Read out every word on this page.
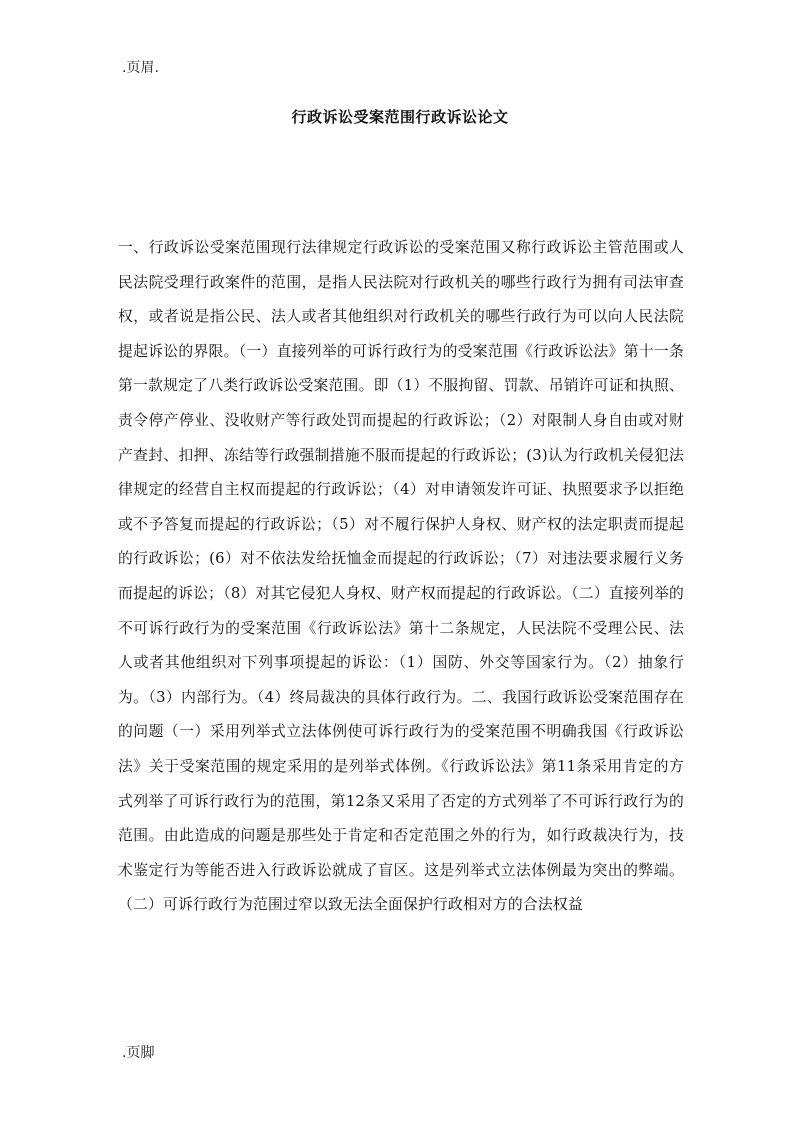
.页眉.
行政诉讼受案范围行政诉讼论文

一、行政诉讼受案范围现行法律规定行政诉讼的受案范围又称行政诉讼主管范围或人民法院受理行政案件的范围，是指人民法院对行政机关的哪些行政行为拥有司法审查权，或者说是指公民、法人或者其他组织对行政机关的哪些行政行为可以向人民法院提起诉讼的界限。（一）直接列举的可诉行政行为的受案范围《行政诉讼法》第十一条第一款规定了八类行政诉讼受案范围。即（1）不服拘留、罚款、吊销许可证和执照、责令停产停业、没收财产等行政处罚而提起的行政诉讼；（2）对限制人身自由或对财产查封、扣押、冻结等行政强制措施不服而提起的行政诉讼；(3)认为行政机关侵犯法律规定的经营自主权而提起的行政诉讼；（4）对申请领发许可证、执照要求予以拒绝或不予答复而提起的行政诉讼；（5）对不履行保护人身权、财产权的法定职责而提起的行政诉讼；(6）对不依法发给抚恤金而提起的行政诉讼；（7）对违法要求履行义务而提起的诉讼；（8）对其它侵犯人身权、财产权而提起的行政诉讼。（二）直接列举的不可诉行政行为的受案范围《行政诉讼法》第十二条规定，人民法院不受理公民、法人或者其他组织对下列事项提起的诉讼：（1）国防、外交等国家行为。（2）抽象行为。（3）内部行为。（4）终局裁决的具体行政行为。二、我国行政诉讼受案范围存在的问题（一）采用列举式立法体例使可诉行政行为的受案范围不明确我国《行政诉讼法》关于受案范围的规定采用的是列举式体例。《行政诉讼法》第11条采用肯定的方式列举了可诉行政行为的范围，第12条又采用了否定的方式列举了不可诉行政行为的范围。由此造成的问题是那些处于肯定和否定范围之外的行为，如行政裁决行为，技术鉴定行为等能否进入行政诉讼就成了盲区。这是列举式立法体例最为突出的弊端。（二）可诉行政行为范围过窄以致无法全面保护行政相对方的合法权益

.页脚
